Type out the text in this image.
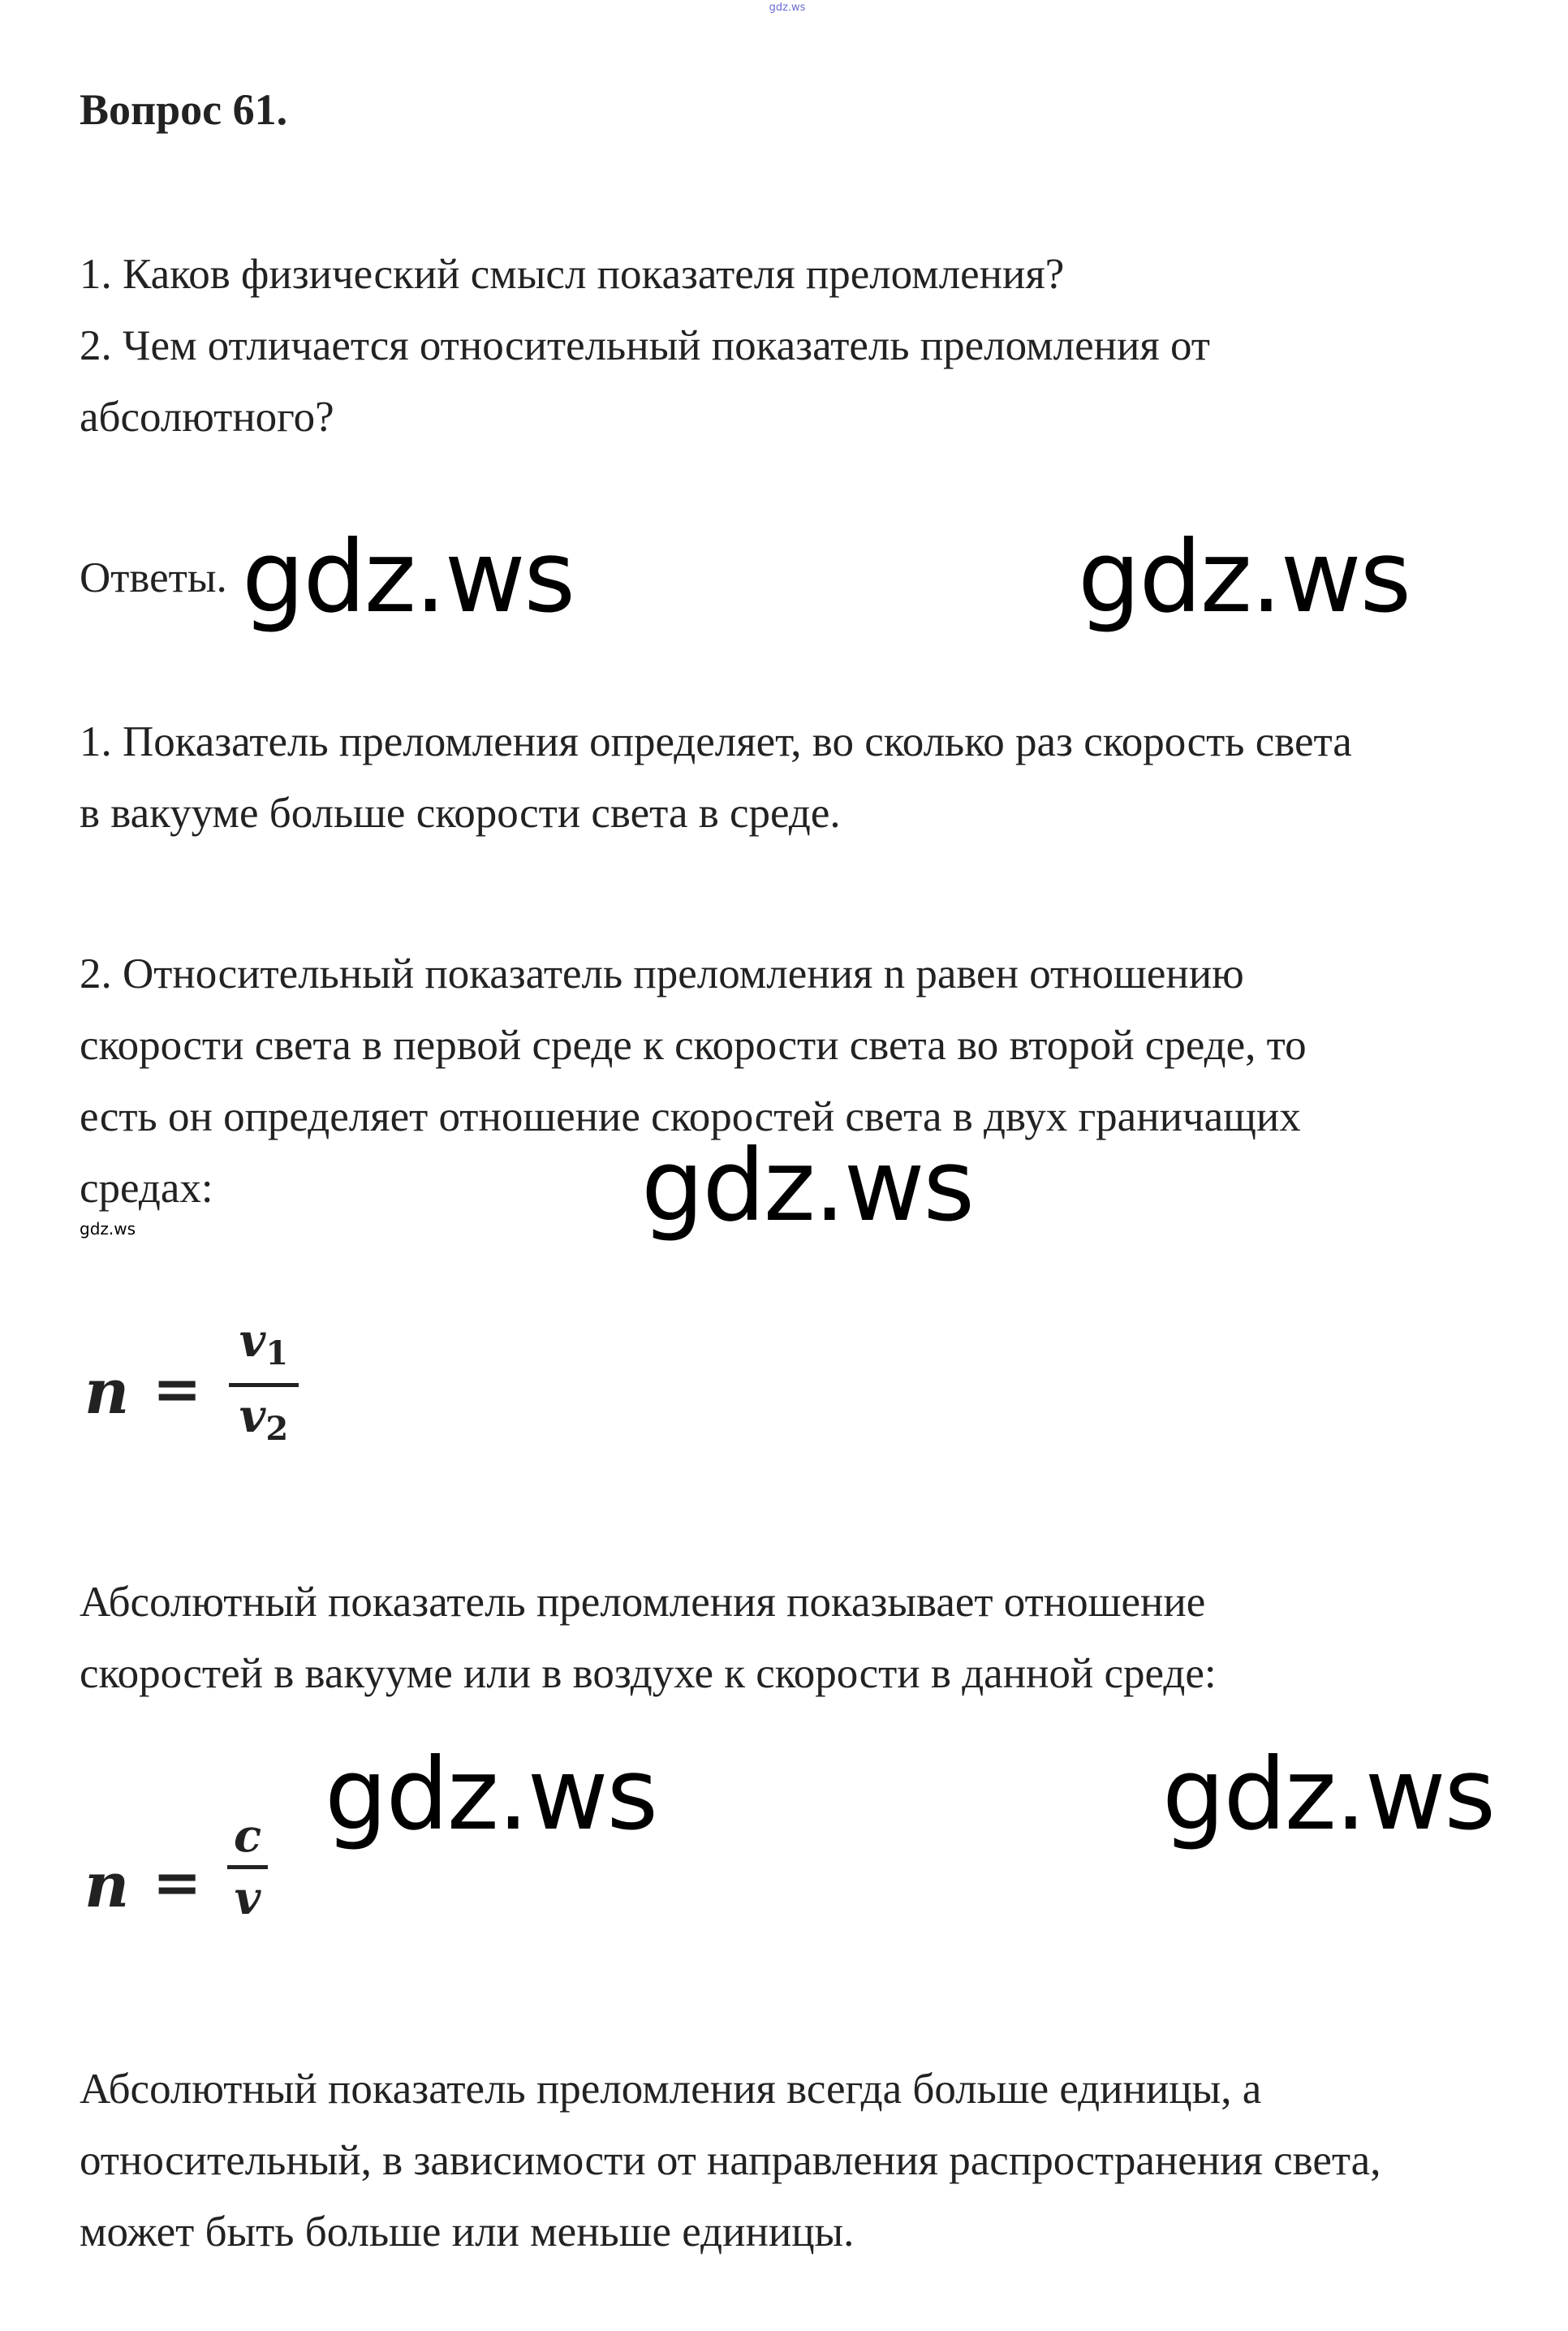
gdz.ws
Вопрос 61.
1. Каков физический смысл показателя преломления?
2. Чем отличается относительный показатель преломления от
абсолютного?
Ответы. gdz.ws	gdz.ws
1. Показатель преломления определяет, во сколько раз скорость света
в вакууме больше скорости света в среде.
2. Относительный показатель преломления n равен отношению
скорости света в первой среде к скорости света во второй среде, то
есть он определяет отношение скоростей света в двух граничащих
средах:	gdz.ws
gdz.ws
n =
$v_1$
$v_2$
Абсолютный показатель преломления показывает отношение
скоростей в вакууме или в воздухе к скорости в данной среде:
gdz.ws	gdz.ws
n =
c
v
Абсолютный показатель преломления всегда больше единицы, а
относительный, в зависимости от направления распространения света,
может быть больше или меньше единицы.
